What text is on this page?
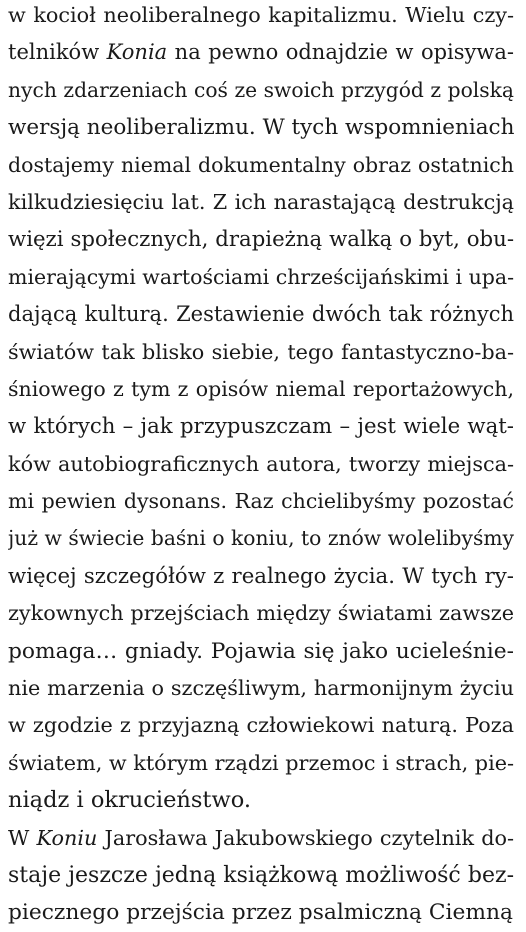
w kocioł neoliberalnego kapitalizmu. Wielu czy-
telników Konia na pewno odnajdzie w opisywa-
nych zdarzeniach coś ze swoich przygód z polską
wersją neoliberalizmu. W tych wspomnieniach
dostajemy niemal dokumentalny obraz ostatnich
kilkudziesięciu lat. Z ich narastającą destrukcją
więzi społecznych, drapieżną walką o byt, obu-
mierającymi wartościami chrześcijańskimi i upa-
dającą kulturą. Zestawienie dwóch tak różnych
światów tak blisko siebie, tego fantastyczno-ba-
śniowego z tym z opisów niemal reportażowych,
w których – jak przypuszczam – jest wiele wąt-
ków autobiograficznych autora, tworzy miejsca-
mi pewien dysonans. Raz chcielibyśmy pozostać
już w świecie baśni o koniu, to znów wolelibyśmy
więcej szczegółów z realnego życia. W tych ry-
zykownych przejściach między światami zawsze
pomaga… gniady. Pojawia się jako ucieleśnie-
nie marzenia o szczęśliwym, harmonijnym życiu
w zgodzie z przyjazną człowiekowi naturą. Poza
światem, w którym rządzi przemoc i strach, pie-
niądz i okrucieństwo.
W Koniu Jarosława Jakubowskiego czytelnik do-
staje jeszcze jedną książkową możliwość bez-
piecznego przejścia przez psalmiczną Ciemną
